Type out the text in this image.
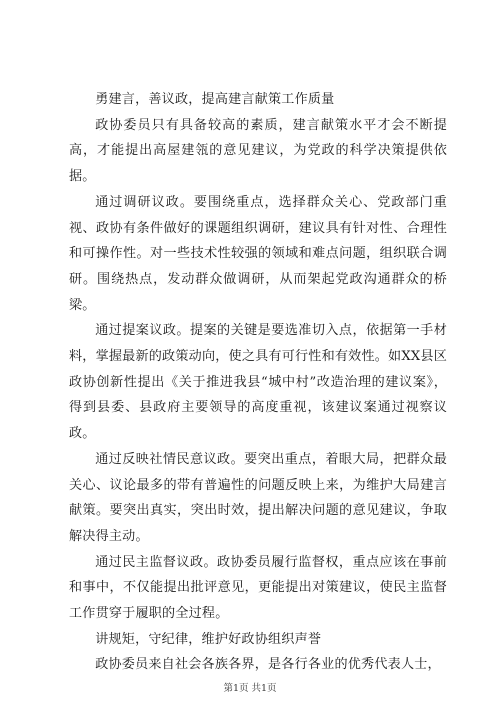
勇建言，善议政，提高建言献策工作质量

政协委员只有具备较高的素质，建言献策水平才会不断提高，才能提出高屋建瓴的意见建议，为党政的科学决策提供依据。

通过调研议政。要围绕重点，选择群众关心、党政部门重视、政协有条件做好的课题组织调研，建议具有针对性、合理性和可操作性。对一些技术性较强的领域和难点问题，组织联合调研。围绕热点，发动群众做调研，从而架起党政沟通群众的桥梁。

通过提案议政。提案的关键是要选准切入点，依据第一手材料，掌握最新的政策动向，使之具有可行性和有效性。如XX县区政协创新性提出《关于推进我县“城中村”改造治理的建议案》，得到县委、县政府主要领导的高度重视，该建议案通过视察议政。

通过反映社情民意议政。要突出重点，着眼大局，把群众最关心、议论最多的带有普遍性的问题反映上来，为维护大局建言献策。要突出真实，突出时效，提出解决问题的意见建议，争取解决得主动。

通过民主监督议政。政协委员履行监督权，重点应该在事前和事中，不仅能提出批评意见，更能提出对策建议，使民主监督工作贯穿于履职的全过程。

讲规矩，守纪律，维护好政协组织声誉

政协委员来自社会各族各界，是各行各业的优秀代表人士，

第1页 共1页
